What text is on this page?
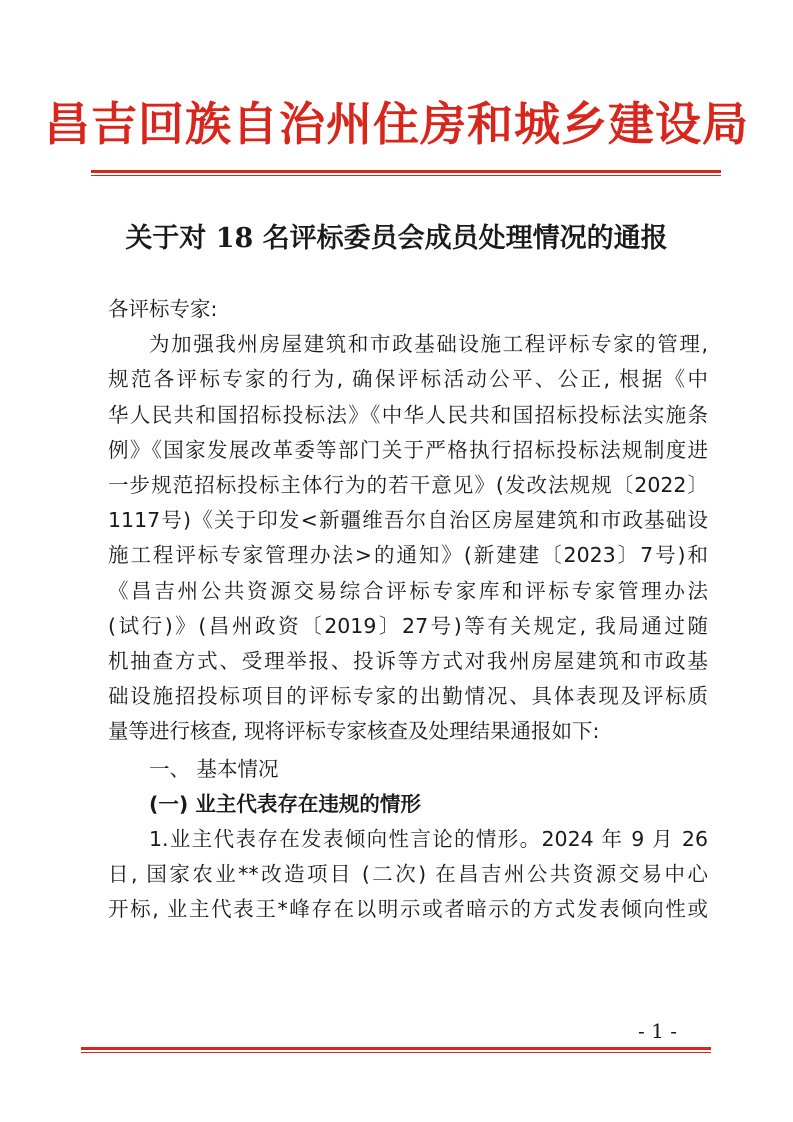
昌吉回族自治州住房和城乡建设局
关于对 18 名评标委员会成员处理情况的通报

各评标专家:

为加强我州房屋建筑和市政基础设施工程评标专家的管理,

规范各评标专家的行为, 确保评标活动公平、公正, 根据《中

华人民共和国招标投标法》《中华人民共和国招标投标法实施条

例》《国家发展改革委等部门关于严格执行招标投标法规制度进

一步规范招标投标主体行为的若干意见》(发改法规规〔2022〕

1117号)《关于印发<新疆维吾尔自治区房屋建筑和市政基础设

施工程评标专家管理办法>的通知》(新建建〔2023〕7号)和

《昌吉州公共资源交易综合评标专家库和评标专家管理办法

(试行)》(昌州政资〔2019〕27号)等有关规定, 我局通过随

机抽查方式、受理举报、投诉等方式对我州房屋建筑和市政基

础设施招投标项目的评标专家的出勤情况、具体表现及评标质

量等进行核查, 现将评标专家核查及处理结果通报如下:

一、 基本情况

(一) 业主代表存在违规的情形

1.业主代表存在发表倾向性言论的情形。2024 年 9 月 26

日, 国家农业**改造项目 (二次) 在昌吉州公共资源交易中心

开标, 业主代表王*峰存在以明示或者暗示的方式发表倾向性或

- 1 -
